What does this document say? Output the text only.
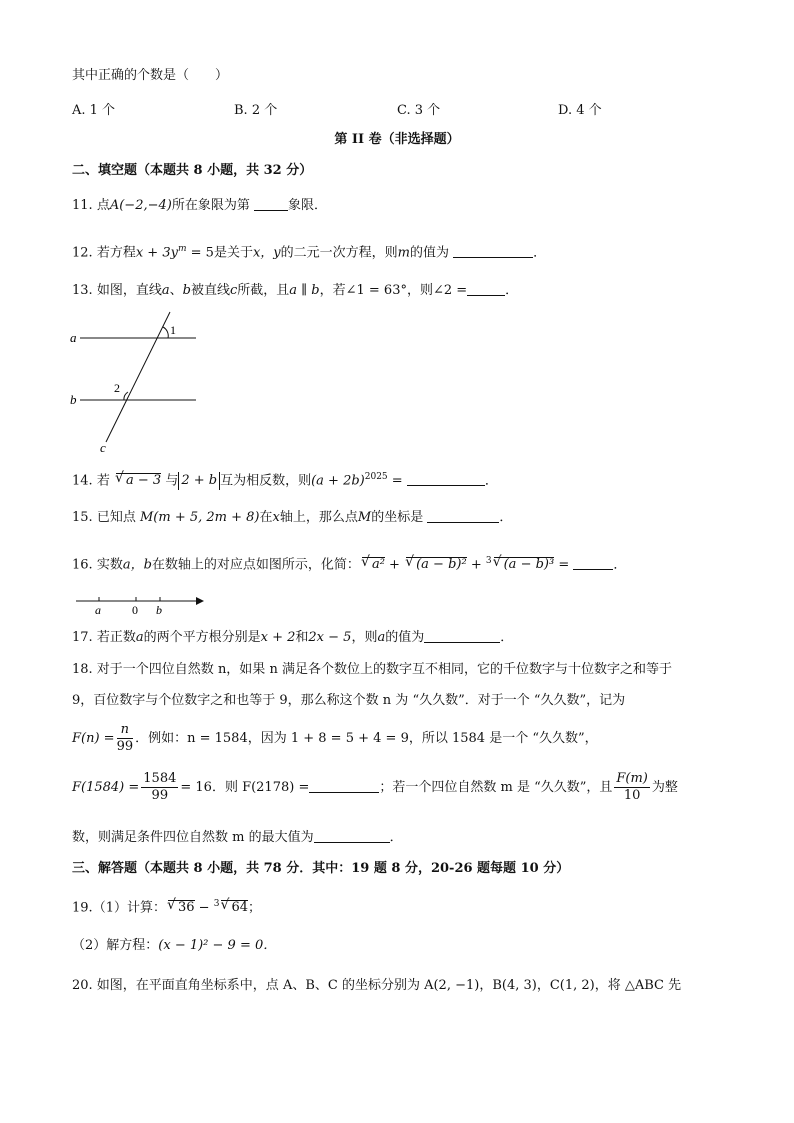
其中正确的个数是（　　）
A. 1 个	B. 2 个	C. 3 个	D. 4 个
第 II 卷（非选择题）
二、填空题（本题共 8 小题，共 32 分）
11. 点A(−2,−4)所在象限为第	象限．
12. 若方程$x + 3y^m = 5$是关于x，y的二元一次方程，则m的值为	．
13. 如图，直线a、b被直线c所截，且a ∥ b，若∠1 = 63°，则∠2 =	．
a
b
c
1
2
14. 若 √ a − 3 与 2 + b 互为相反数，则$(a + 2b)^{2025}$ =	．
15. 已知点 M(m + 5, 2m + 8)在x轴上，那么点M的坐标是	．
16. 实数a，b在数轴上的对应点如图所示，化简： √ a² + √ (a − b)² + $^3$ √ (a − b)³ =	．
a	0 b
17. 若正数a的两个平方根分别是x + 2和2x − 5，则a的值为	．
18. 对于一个四位自然数 n，如果 n 满足各个数位上的数字互不相同，它的千位数字与十位数字之和等于
9，百位数字与个位数字之和也等于 9，那么称这个数 n 为 “久久数”．对于一个 “久久数”，记为
$F(n) = \frac{n}{99}$ ．例如：n = 1584，因为 1 + 8 = 5 + 4 = 9，所以 1584 是一个 “久久数”，
$F(1584) = \frac{1584}{99} = 16$．则 F(2178) =	；若一个四位自然数 m 是 “久久数”，且 $\frac{F(m)}{10}$ 为整
数，则满足条件四位自然数 m 的最大值为	．
三、解答题（本题共 8 小题，共 78 分．其中：19 题 8 分，20-26 题每题 10 分）
19.（1）计算： √ 36 − $^3$ √ 64；
（2）解方程：(x − 1)² − 9 = 0．
20. 如图，在平面直角坐标系中，点 A、B、C 的坐标分别为 A(2, −1)，B(4, 3)，C(1, 2)，将 △ABC 先
